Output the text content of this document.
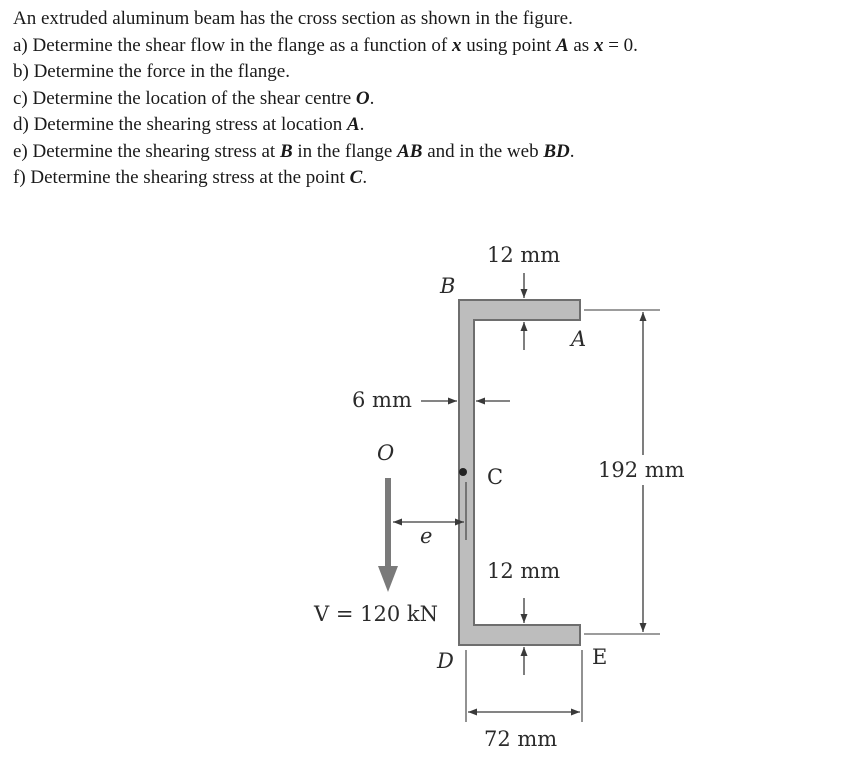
An extruded aluminum beam has the cross section as shown in the figure.
a) Determine the shear flow in the flange as a function of x using point A as x = 0.
b) Determine the force in the flange.
c) Determine the location of the shear centre O.
d) Determine the shearing stress at location A.
e) Determine the shearing stress at B in the flange AB and in the web BD.
f) Determine the shearing stress at the point C.
12 mm
B
A
192 mm
6 mm
O
C
V = 120 kN
e
12 mm
D	E
72 mm
